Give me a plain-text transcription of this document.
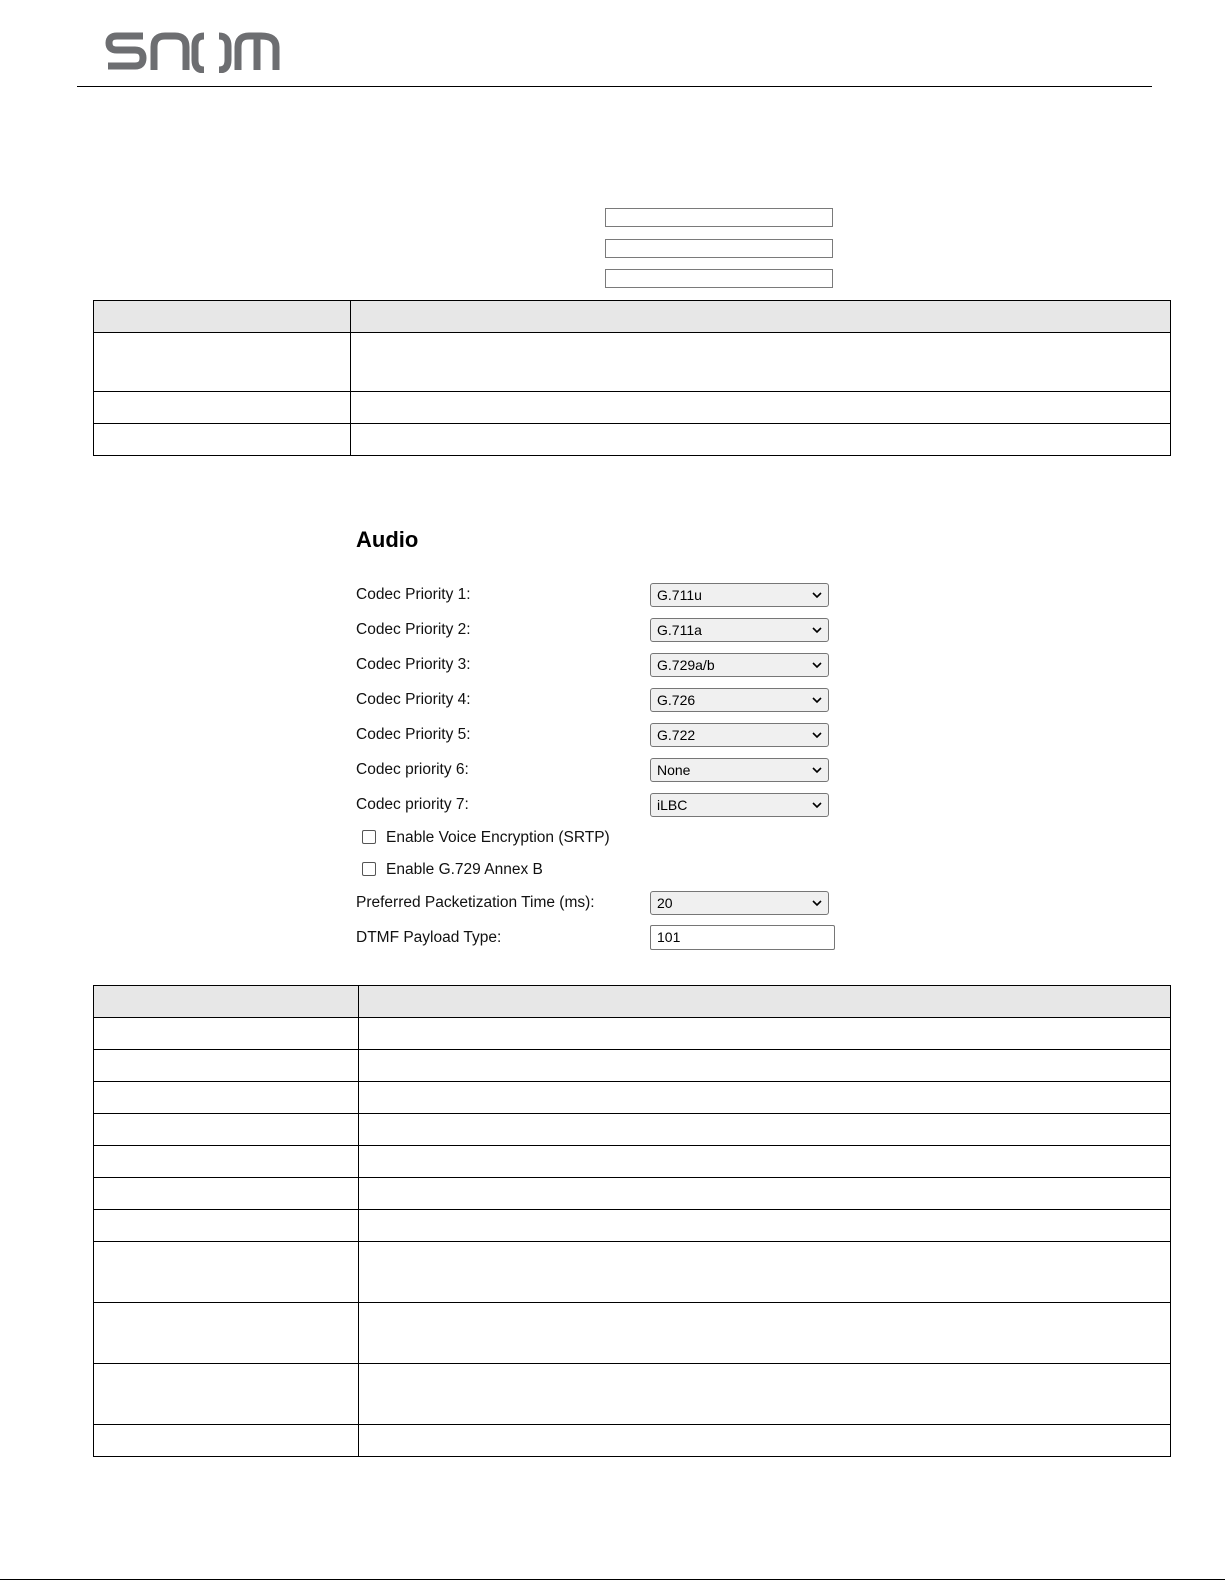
Audio
Codec Priority 1:	G.711u
Codec Priority 2:	G.711a
Codec Priority 3:	G.729a/b
Codec Priority 4:	G.726
Codec Priority 5:	G.722
Codec priority 6:	None
Codec priority 7:	iLBC
Enable Voice Encryption (SRTP)
Enable G.729 Annex B
Preferred Packetization Time (ms):	20
DTMF Payload Type:	101
